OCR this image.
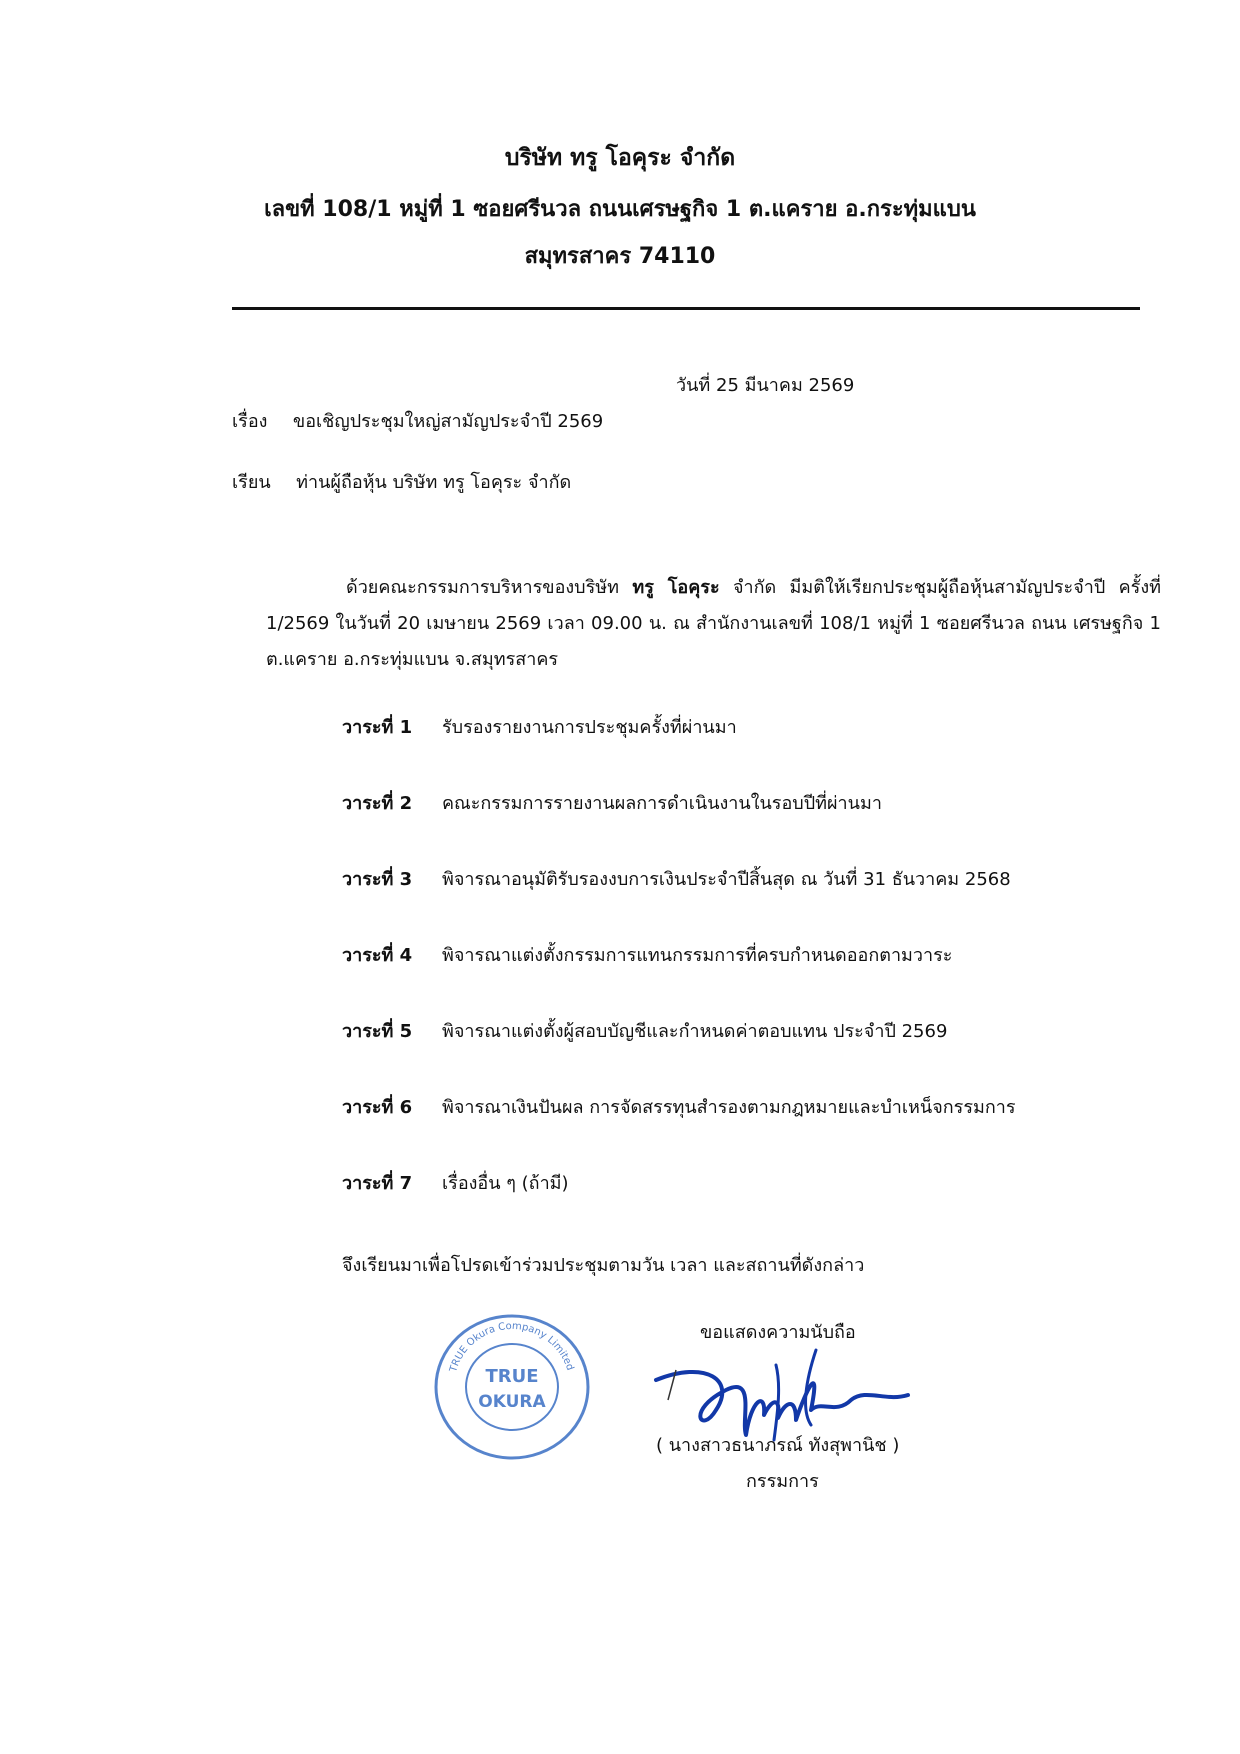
บริษัท ทรู โอคุระ จำกัด
เลขที่ 108/1 หมู่ที่ 1 ซอยศรีนวล ถนนเศรษฐกิจ 1 ต.แคราย อ.กระทุ่มแบน
สมุทรสาคร 74110
วันที่ 25 มีนาคม 2569
เรื่อง ขอเชิญประชุมใหญ่สามัญประจำปี 2569
เรียน ท่านผู้ถือหุ้น บริษัท ทรู โอคุระ จำกัด
ด้วยคณะกรรมการบริหารของบริษัท ทรู โอคุระ จำกัด มีมติให้เรียกประชุมผู้ถือหุ้นสามัญประจำปี ครั้งที่ 1/2569 ในวันที่ 20 เมษายน 2569 เวลา 09.00 น. ณ สำนักงานเลขที่ 108/1 หมู่ที่ 1 ซอยศรีนวล ถนน เศรษฐกิจ 1 ต.แคราย อ.กระทุ่มแบน จ.สมุทรสาคร
วาระที่ 1 รับรองรายงานการประชุมครั้งที่ผ่านมา
วาระที่ 2 คณะกรรมการรายงานผลการดำเนินงานในรอบปีที่ผ่านมา
วาระที่ 3 พิจารณาอนุมัติรับรองงบการเงินประจำปีสิ้นสุด ณ วันที่ 31 ธันวาคม 2568
วาระที่ 4 พิจารณาแต่งตั้งกรรมการแทนกรรมการที่ครบกำหนดออกตามวาระ
วาระที่ 5 พิจารณาแต่งตั้งผู้สอบบัญชีและกำหนดค่าตอบแทน ประจำปี 2569
วาระที่ 6 พิจารณาเงินปันผล การจัดสรรทุนสำรองตามกฎหมายและบำเหน็จกรรมการ
วาระที่ 7 เรื่องอื่น ๆ (ถ้ามี)
จึงเรียนมาเพื่อโปรดเข้าร่วมประชุมตามวัน เวลา และสถานที่ดังกล่าว
TRUE Okura Company Limited
TRUE
OKURA
ขอแสดงความนับถือ
( นางสาวธนาภรณ์ ทังสุพานิช )
กรรมการ
